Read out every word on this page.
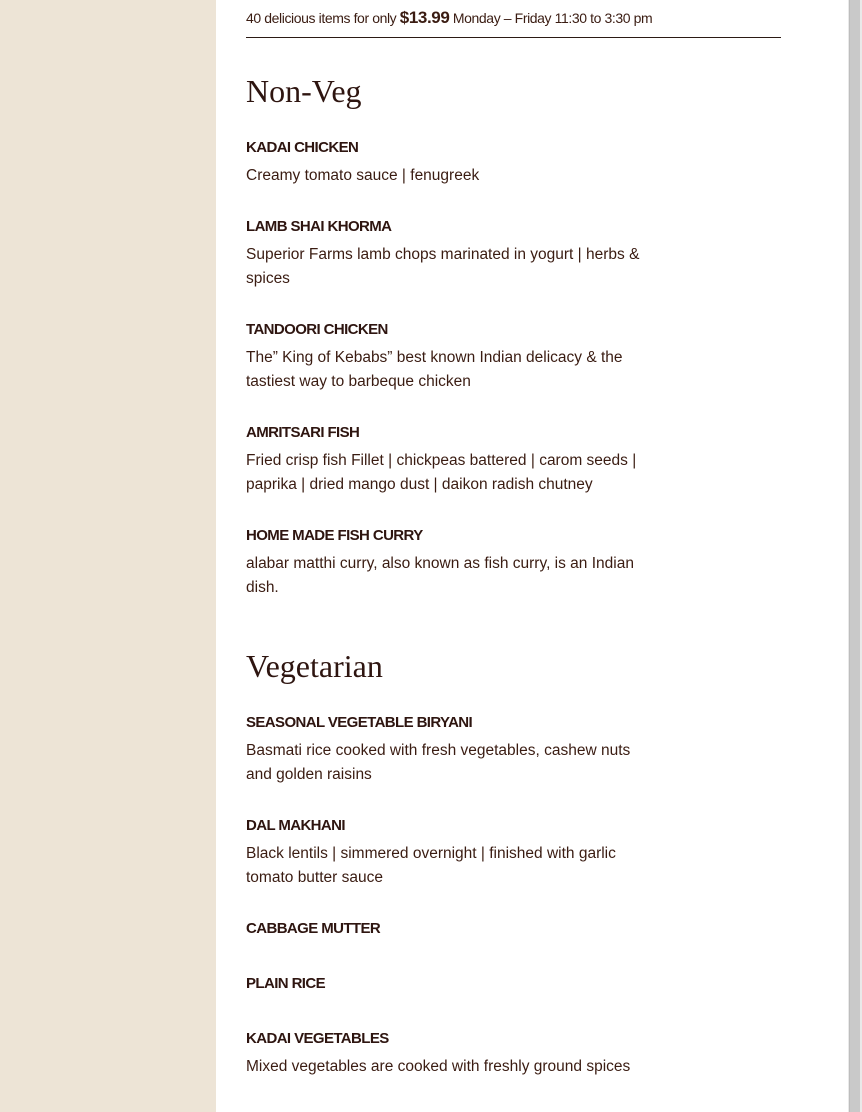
40 delicious items for only $13.99 Monday – Friday 11:30 to 3:30 pm
Non-Veg

KADAI CHICKEN

Creamy tomato sauce | fenugreek

LAMB SHAI KHORMA

Superior Farms lamb chops marinated in yogurt | herbs & spices

TANDOORI CHICKEN

The” King of Kebabs” best known Indian delicacy & the tastiest way to barbeque chicken

AMRITSARI FISH

Fried crisp fish Fillet | chickpeas battered | carom seeds | paprika | dried mango dust | daikon radish chutney

HOME MADE FISH CURRY

alabar matthi curry, also known as fish curry, is an Indian dish.

Vegetarian

SEASONAL VEGETABLE BIRYANI

Basmati rice cooked with fresh vegetables, cashew nuts and golden raisins

DAL MAKHANI

Black lentils | simmered overnight | finished with garlic tomato butter sauce

CABBAGE MUTTER

PLAIN RICE

KADAI VEGETABLES

Mixed vegetables are cooked with freshly ground spices
